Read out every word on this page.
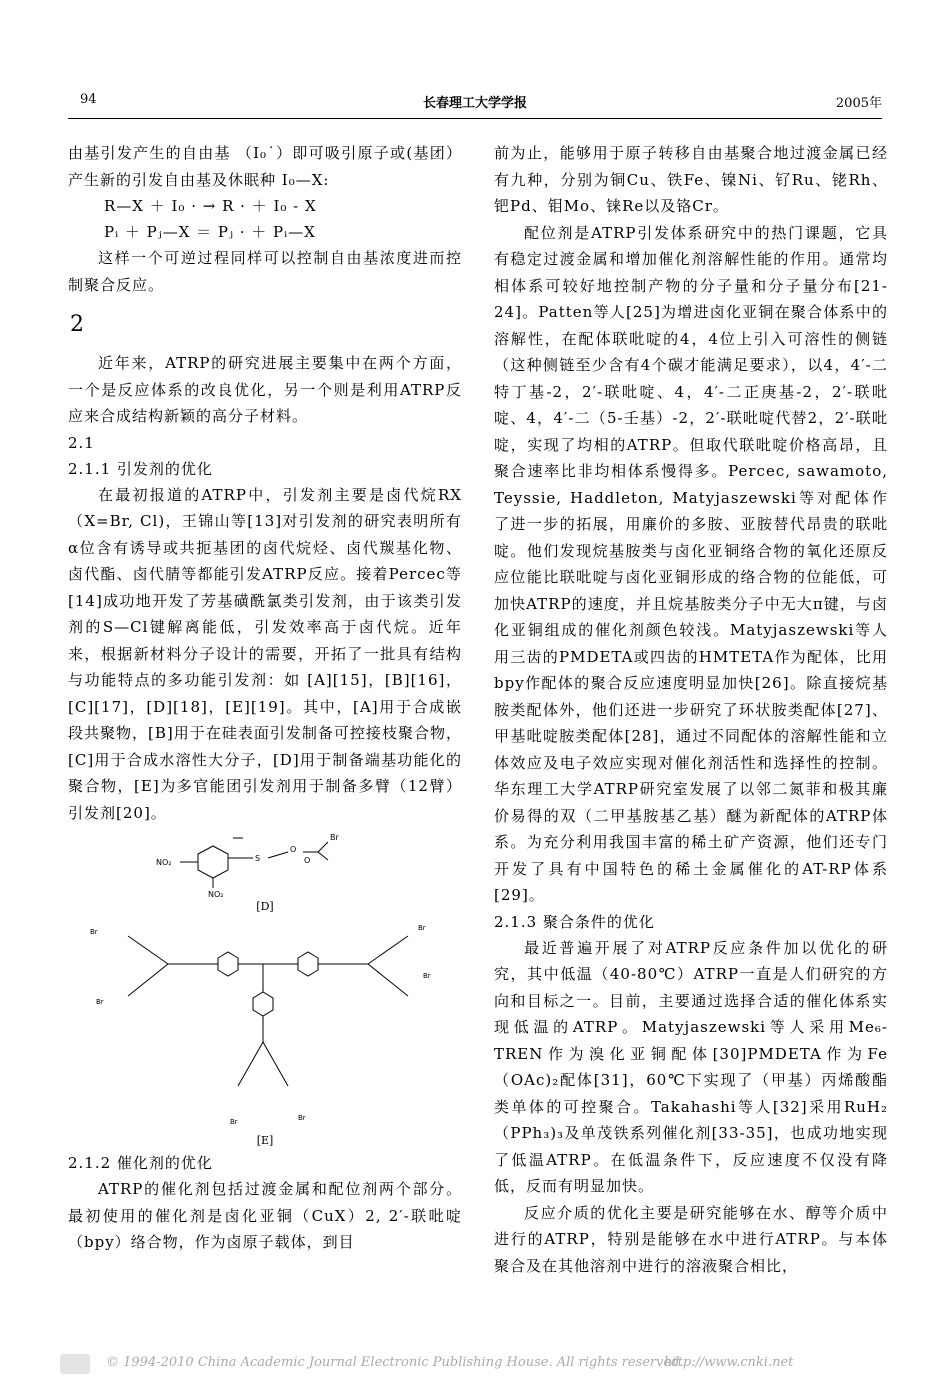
94	长春理工大学学报	2005年

由基引发产生的自由基 （I₀˙）即可吸引原子或(基团）产生新的引发自由基及休眠种 I₀—X:

R—X ＋ I₀ · → R · ＋ I₀ - X
Pᵢ ＋ Pⱼ—X ＝ Pⱼ · ＋ Pᵢ—X

这样一个可逆过程同样可以控制自由基浓度进而控制聚合反应。

2

近年来，ATRP的研究进展主要集中在两个方面，一个是反应体系的改良优化，另一个则是利用ATRP反应来合成结构新颖的高分子材料。

2.1
2.1.1 引发剂的优化

在最初报道的ATRP中，引发剂主要是卤代烷RX（X=Br, Cl)，王锦山等[13]对引发剂的研究表明所有α位含有诱导或共扼基团的卤代烷烃、卤代羰基化物、卤代酯、卤代腈等都能引发ATRP反应。接着Percec等[14]成功地开发了芳基磺酰氯类引发剂，由于该类引发剂的S—Cl键解离能低，引发效率高于卤代烷。近年来，根据新材料分子设计的需要，开拓了一批具有结构与功能特点的多功能引发剂：如 [A][15]，[B][16]，[C][17]，[D][18]，[E][19]。其中，[A]用于合成嵌段共聚物，[B]用于在硅表面引发制备可控接枝聚合物，[C]用于合成水溶性大分子，[D]用于制备端基功能化的聚合物，[E]为多官能团引发剂用于制备多臂（12臂）引发剂[20]。

NO₂	S
O
O
Br
NO₂
[D]
Br
Br
Br
Br
Br	Br
[E]
2.1.2 催化剂的优化

ATRP的催化剂包括过渡金属和配位剂两个部分。最初使用的催化剂是卤化亚铜（CuX）2, 2′-联吡啶（bpy）络合物，作为卤原子载体，到目

前为止，能够用于原子转移自由基聚合地过渡金属已经有九种，分别为铜Cu、铁Fe、镍Ni、钌Ru、铑Rh、钯Pd、钼Mo、铼Re以及铬Cr。

配位剂是ATRP引发体系研究中的热门课题，它具有稳定过渡金属和增加催化剂溶解性能的作用。通常均相体系可较好地控制产物的分子量和分子量分布[21-24]。Patten等人[25]为增进卤化亚铜在聚合体系中的溶解性，在配体联吡啶的4，4位上引入可溶性的侧链（这种侧链至少含有4个碳才能满足要求），以4，4′-二特丁基-2，2′-联吡啶、4，4′-二正庚基-2，2′-联吡啶、4，4′-二（5-壬基）-2，2′-联吡啶代替2，2′-联吡啶，实现了均相的ATRP。但取代联吡啶价格高昂，且聚合速率比非均相体系慢得多。Percec, sawamoto, Teyssie, Haddleton, Matyjaszewski等对配体作了进一步的拓展，用廉价的多胺、亚胺替代昂贵的联吡啶。他们发现烷基胺类与卤化亚铜络合物的氧化还原反应位能比联吡啶与卤化亚铜形成的络合物的位能低，可加快ATRP的速度，并且烷基胺类分子中无大π键，与卤化亚铜组成的催化剂颜色较浅。Matyjaszewski等人用三齿的PMDETA或四齿的HMTETA作为配体，比用bpy作配体的聚合反应速度明显加快[26]。除直接烷基胺类配体外，他们还进一步研究了环状胺类配体[27]、甲基吡啶胺类配体[28]，通过不同配体的溶解性能和立体效应及电子效应实现对催化剂活性和选择性的控制。华东理工大学ATRP研究室发展了以邻二氮菲和极其廉价易得的双（二甲基胺基乙基）醚为新配体的ATRP体系。为充分利用我国丰富的稀土矿产资源，他们还专门开发了具有中国特色的稀土金属催化的AT-RP体系[29]。

2.1.3 聚合条件的优化

最近普遍开展了对ATRP反应条件加以优化的研究，其中低温（40-80℃）ATRP一直是人们研究的方向和目标之一。目前，主要通过选择合适的催化体系实现低温的ATRP。Matyjaszewski等人采用Me₆-TREN作为溴化亚铜配体[30]PMDETA作为Fe（OAc)₂配体[31]，60℃下实现了（甲基）丙烯酸酯类单体的可控聚合。Takahashi等人[32]采用RuH₂（PPh₃)₃及单茂铁系列催化剂[33-35]，也成功地实现了低温ATRP。在低温条件下，反应速度不仅没有降低，反而有明显加快。

反应介质的优化主要是研究能够在水、醇等介质中进行的ATRP，特别是能够在水中进行ATRP。与本体聚合及在其他溶剂中进行的溶液聚合相比，

© 1994-2010 China Academic Journal Electronic Publishing House. All rights reserved.
http://www.cnki.net
